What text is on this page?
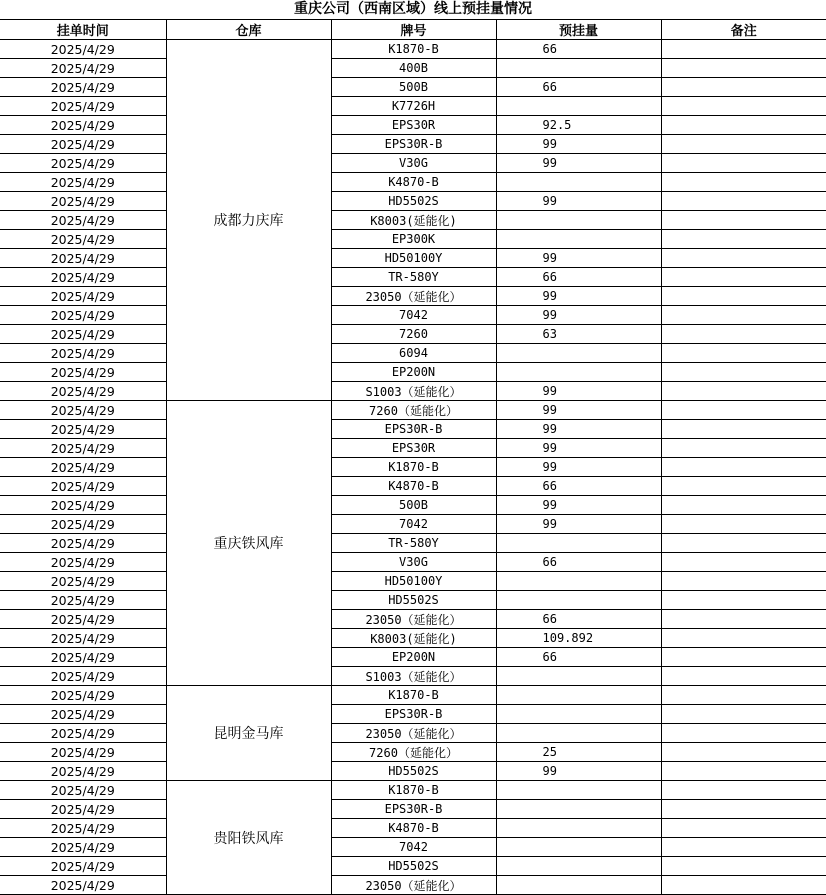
重庆公司（西南区域）线上预挂量情况
挂单时间	仓库	牌号	预挂量	备注
2025/4/29	成都力庆库	K1870-B	66	
2025/4/29		400B		
2025/4/29		500B	66	
2025/4/29		K7726H		
2025/4/29		EPS30R	92.5	
2025/4/29		EPS30R-B	99	
2025/4/29		V30G	99	
2025/4/29		K4870-B		
2025/4/29		HD5502S	99	
2025/4/29		K8003(延能化)		
2025/4/29		EP300K		
2025/4/29		HD50100Y	99	
2025/4/29		TR-580Y	66	
2025/4/29		23050（延能化）	99	
2025/4/29		7042	99	
2025/4/29		7260	63	
2025/4/29		6094		
2025/4/29		EP200N		
2025/4/29		S1003（延能化）	99	
2025/4/29	重庆铁风库	7260（延能化）	99	
2025/4/29		EPS30R-B	99	
2025/4/29		EPS30R	99	
2025/4/29		K1870-B	99	
2025/4/29		K4870-B	66	
2025/4/29		500B	99	
2025/4/29		7042	99	
2025/4/29		TR-580Y		
2025/4/29		V30G	66	
2025/4/29		HD50100Y		
2025/4/29		HD5502S		
2025/4/29		23050（延能化）	66	
2025/4/29		K8003(延能化)	109.892	
2025/4/29		EP200N	66	
2025/4/29		S1003（延能化）		
2025/4/29	昆明金马库	K1870-B		
2025/4/29		EPS30R-B		
2025/4/29		23050（延能化）		
2025/4/29		7260（延能化）	25	
2025/4/29		HD5502S	99	
2025/4/29	贵阳铁风库	K1870-B		
2025/4/29		EPS30R-B		
2025/4/29		K4870-B		
2025/4/29		7042		
2025/4/29		HD5502S		
2025/4/29		23050（延能化）		
